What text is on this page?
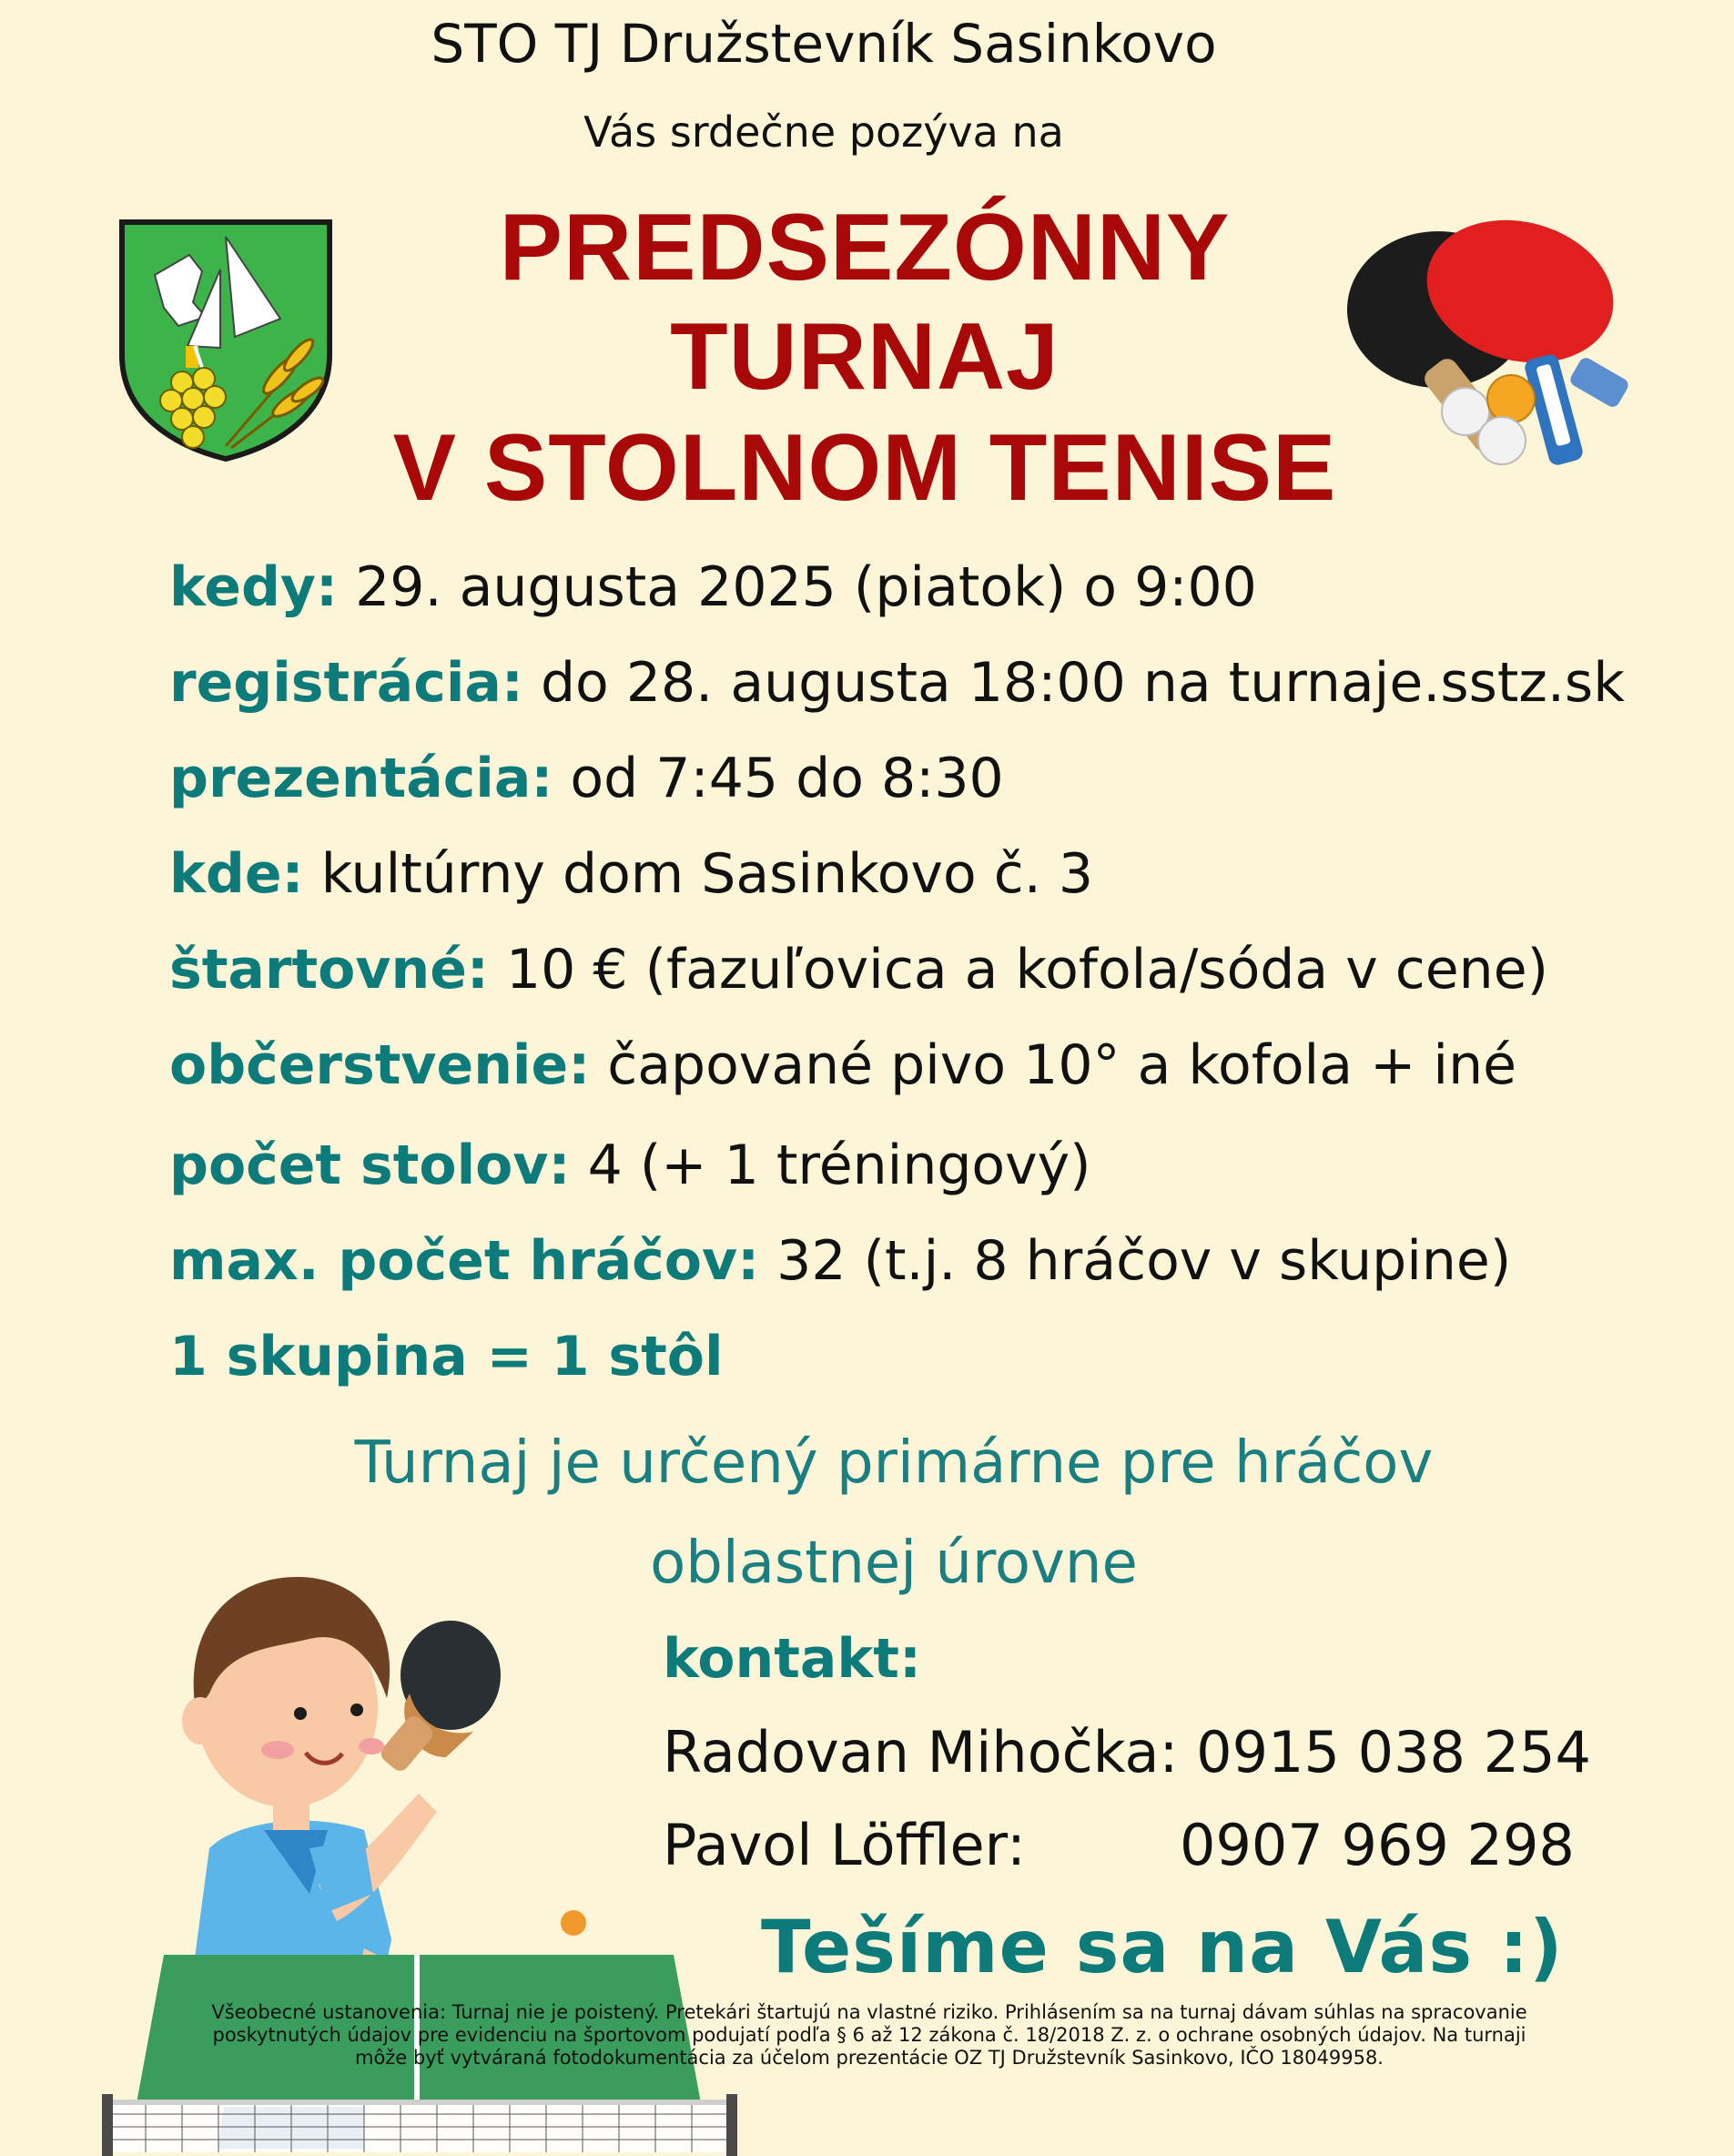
STO TJ Družstevník Sasinkovo
Vás srdečne pozýva na
PREDSEZÓNNY
TURNAJ
V STOLNOM TENISE
kedy: 29. augusta 2025 (piatok) o 9:00
registrácia: do 28. augusta 18:00 na turnaje.sstz.sk
prezentácia: od 7:45 do 8:30
kde: kultúrny dom Sasinkovo č. 3
štartovné: 10 € (fazuľovica a kofola/sóda v cene)
občerstvenie: čapované pivo 10° a kofola + iné
počet stolov: 4 (+ 1 tréningový)
max. počet hráčov: 32 (t.j. 8 hráčov v skupine)
1 skupina = 1 stôl
Turnaj je určený primárne pre hráčov
oblastnej úrovne
kontakt:
Radovan Mihočka: 0915 038 254
Pavol Löffler:	0907 969 298
Tešíme sa na Vás :)
Všeobecné ustanovenia: Turnaj nie je poistený. Pretekári štartujú na vlastné riziko. Prihlásením sa na turnaj dávam súhlas na spracovanie
poskytnutých údajov pre evidenciu na športovom podujatí podľa § 6 až 12 zákona č. 18/2018 Z. z. o ochrane osobných údajov. Na turnaji
môže byť vytváraná fotodokumentácia za účelom prezentácie OZ TJ Družstevník Sasinkovo, IČO 18049958.
